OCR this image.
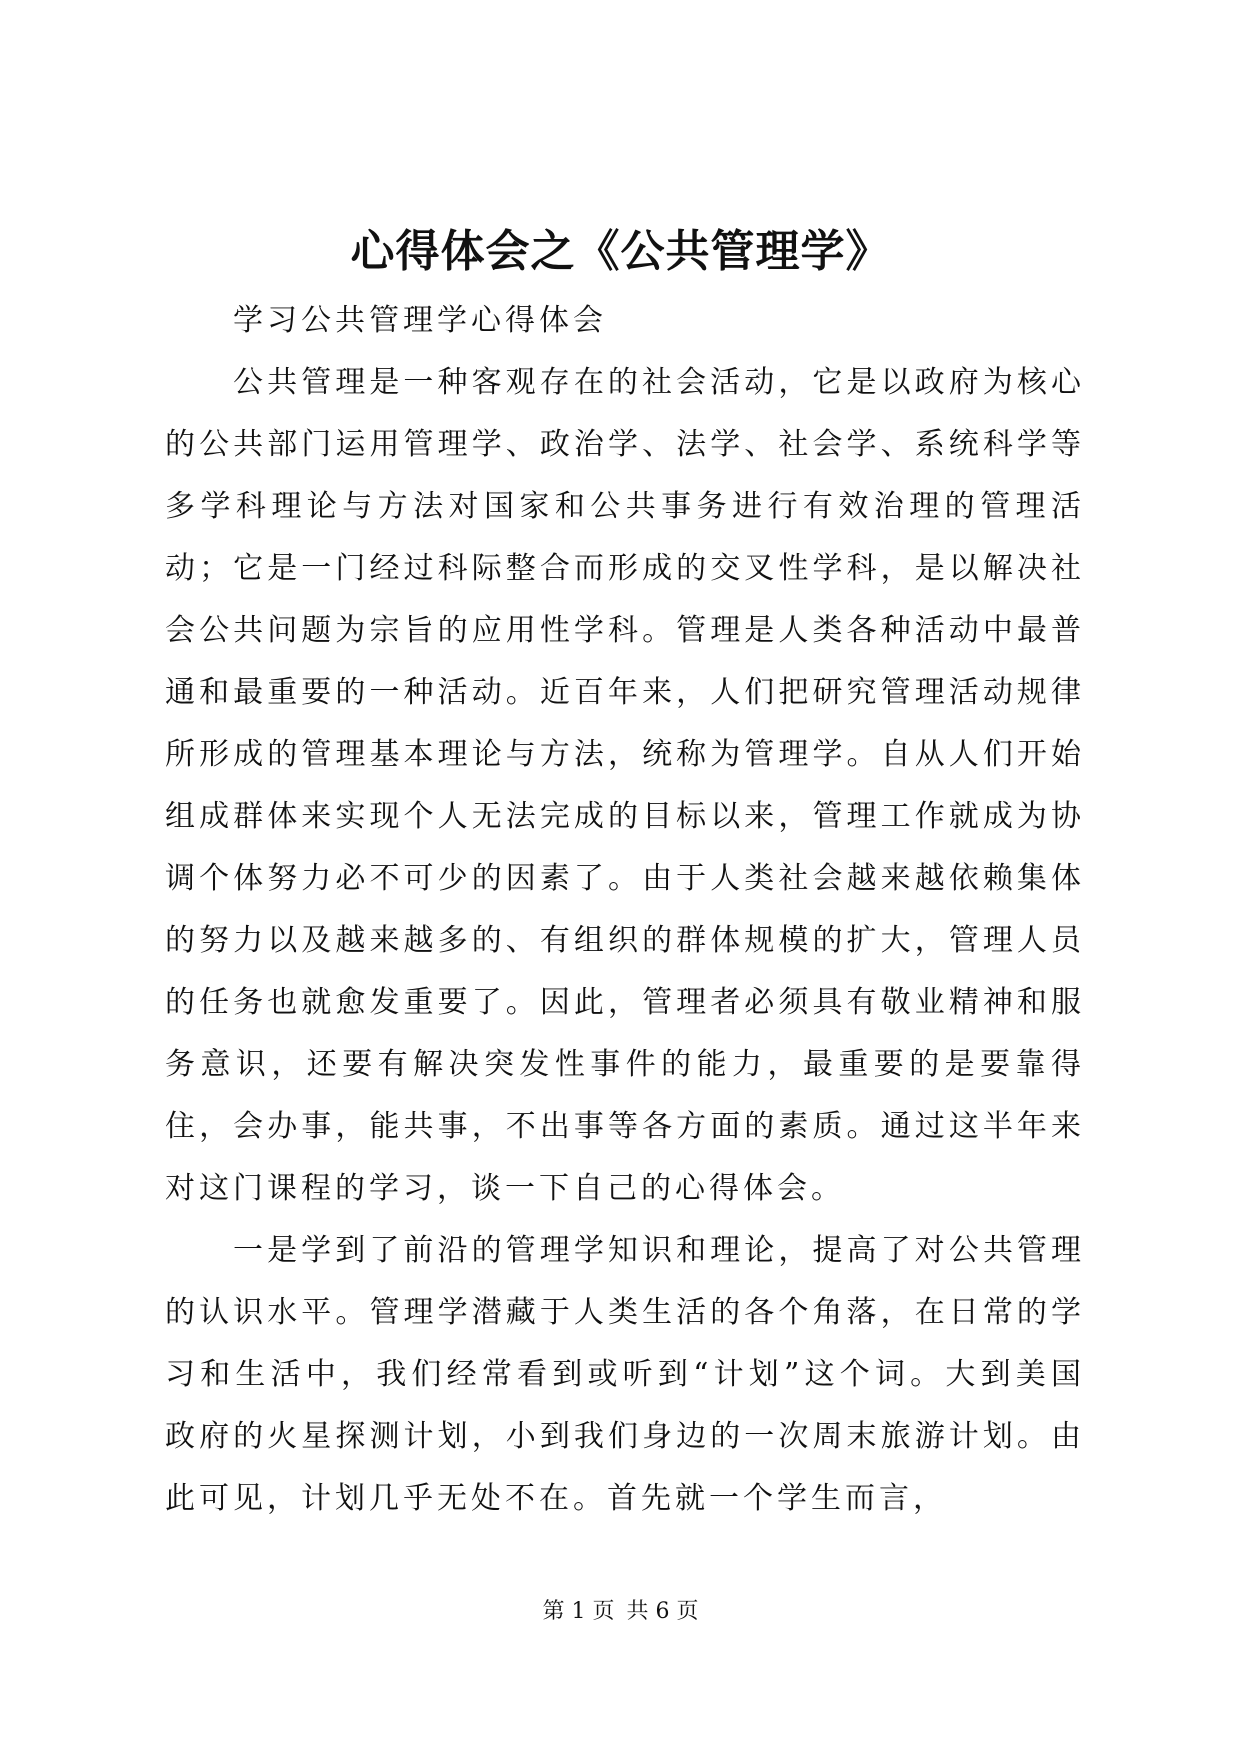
心得体会之《公共管理学》

学习公共管理学心得体会

公共管理是一种客观存在的社会活动，它是以政府为核心的公共部门运用管理学、政治学、法学、社会学、系统科学等多学科理论与方法对国家和公共事务进行有效治理的管理活动；它是一门经过科际整合而形成的交叉性学科，是以解决社会公共问题为宗旨的应用性学科。管理是人类各种活动中最普通和最重要的一种活动。近百年来，人们把研究管理活动规律所形成的管理基本理论与方法，统称为管理学。自从人们开始组成群体来实现个人无法完成的目标以来，管理工作就成为协调个体努力必不可少的因素了。由于人类社会越来越依赖集体的努力以及越来越多的、有组织的群体规模的扩大，管理人员的任务也就愈发重要了。因此，管理者必须具有敬业精神和服务意识，还要有解决突发性事件的能力，最重要的是要靠得住，会办事，能共事，不出事等各方面的素质。通过这半年来对这门课程的学习，谈一下自己的心得体会。

一是学到了前沿的管理学知识和理论，提高了对公共管理的认识水平。管理学潜藏于人类生活的各个角落，在日常的学习和生活中，我们经常看到或听到“计划”这个词。大到美国政府的火星探测计划，小到我们身边的一次周末旅游计划。由此可见，计划几乎无处不在。首先就一个学生而言，

第 1 页 共 6 页
